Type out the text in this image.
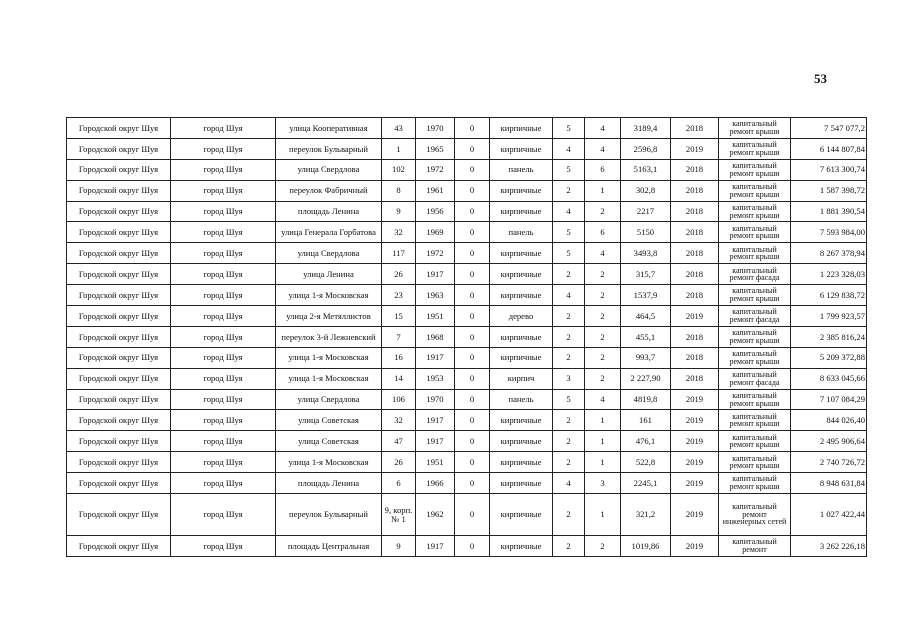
53
Городской округ Шуя	город Шуя	улица Кооперативная	43	1970	0	кирпичные	5	4	3189,4	2018	капитальный ремонт крыши	7 547 077,2
Городской округ Шуя	город Шуя	переулок Бульварный	1	1965	0	кирпичные	4	4	2596,8	2019	капитальный ремонт крыши	6 144 807,84
Городской округ Шуя	город Шуя	улица Свердлова	102	1972	0	панель	5	6	5163,1	2018	капитальный ремонт крыши	7 613 300,74
Городской округ Шуя	город Шуя	переулок Фабричный	8	1961	0	кирпичные	2	1	302,8	2018	капитальный ремонт крыши	1 587 398,72
Городской округ Шуя	город Шуя	площадь Ленина	9	1956	0	кирпичные	4	2	2217	2018	капитальный ремонт крыши	1 881 390,54
Городской округ Шуя	город Шуя	улица Генерала Горбатова	32	1969	0	панель	5	6	5150	2018	капитальный ремонт крыши	7 593 984,00
Городской округ Шуя	город Шуя	улица Свердлова	117	1972	0	кирпичные	5	4	3493,8	2018	капитальный ремонт крыши	8 267 378,94
Городской округ Шуя	город Шуя	улица Ленина	26	1917	0	кирпичные	2	2	315,7	2018	капитальный ремонт фасада	1 223 328,03
Городской округ Шуя	город Шуя	улица 1-я Московская	23	1963	0	кирпичные	4	2	1537,9	2018	капитальный ремонт крыши	6 129 838,72
Городской округ Шуя	город Шуя	улица 2-я Метяллистов	15	1951	0	дерево	2	2	464,5	2019	капитальный ремонт фасада	1 799 923,57
Городской округ Шуя	город Шуя	переулок 3-й Лежневский	7	1968	0	кирпичные	2	2	455,1	2018	капитальный ремонт крыши	2 385 816,24
Городской округ Шуя	город Шуя	улица 1-я Московская	16	1917	0	кирпичные	2	2	993,7	2018	капитальный ремонт крыши	5 209 372,88
Городской округ Шуя	город Шуя	улица 1-я Московская	14	1953	0	кирпич	3	2	2 227,90	2018	капитальный ремонт фасада	8 633 045,66
Городской округ Шуя	город Шуя	улица Свердлова	106	1970	0	панель	5	4	4819,8	2019	капитальный ремонт крыши	7 107 084,29
Городской округ Шуя	город Шуя	улица Советская	32	1917	0	кирпичные	2	1	161	2019	капитальный ремонт крыши	844 026,40
Городской округ Шуя	город Шуя	улица Советская	47	1917	0	кирпичные	2	1	476,1	2019	капитальный ремонт крыши	2 495 906,64
Городской округ Шуя	город Шуя	улица 1-я Московская	26	1951	0	кирпичные	2	1	522,8	2019	капитальный ремонт крыши	2 740 726,72
Городской округ Шуя	город Шуя	площадь Ленина	6	1966	0	кирпичные	4	3	2245,1	2019	капитальный ремонт крыши	8 948 631,84
Городской округ Шуя	город Шуя	переулок Бульварный	9, корп. № 1	1962	0	кирпичные	2	1	321,2	2019	капитальный ремонт инженерных сетей	1 027 422,44
Городской округ Шуя	город Шуя	площадь Центральная	9	1917	0	кирпичные	2	2	1019,86	2019	капитальный ремонт	3 262 226,18
